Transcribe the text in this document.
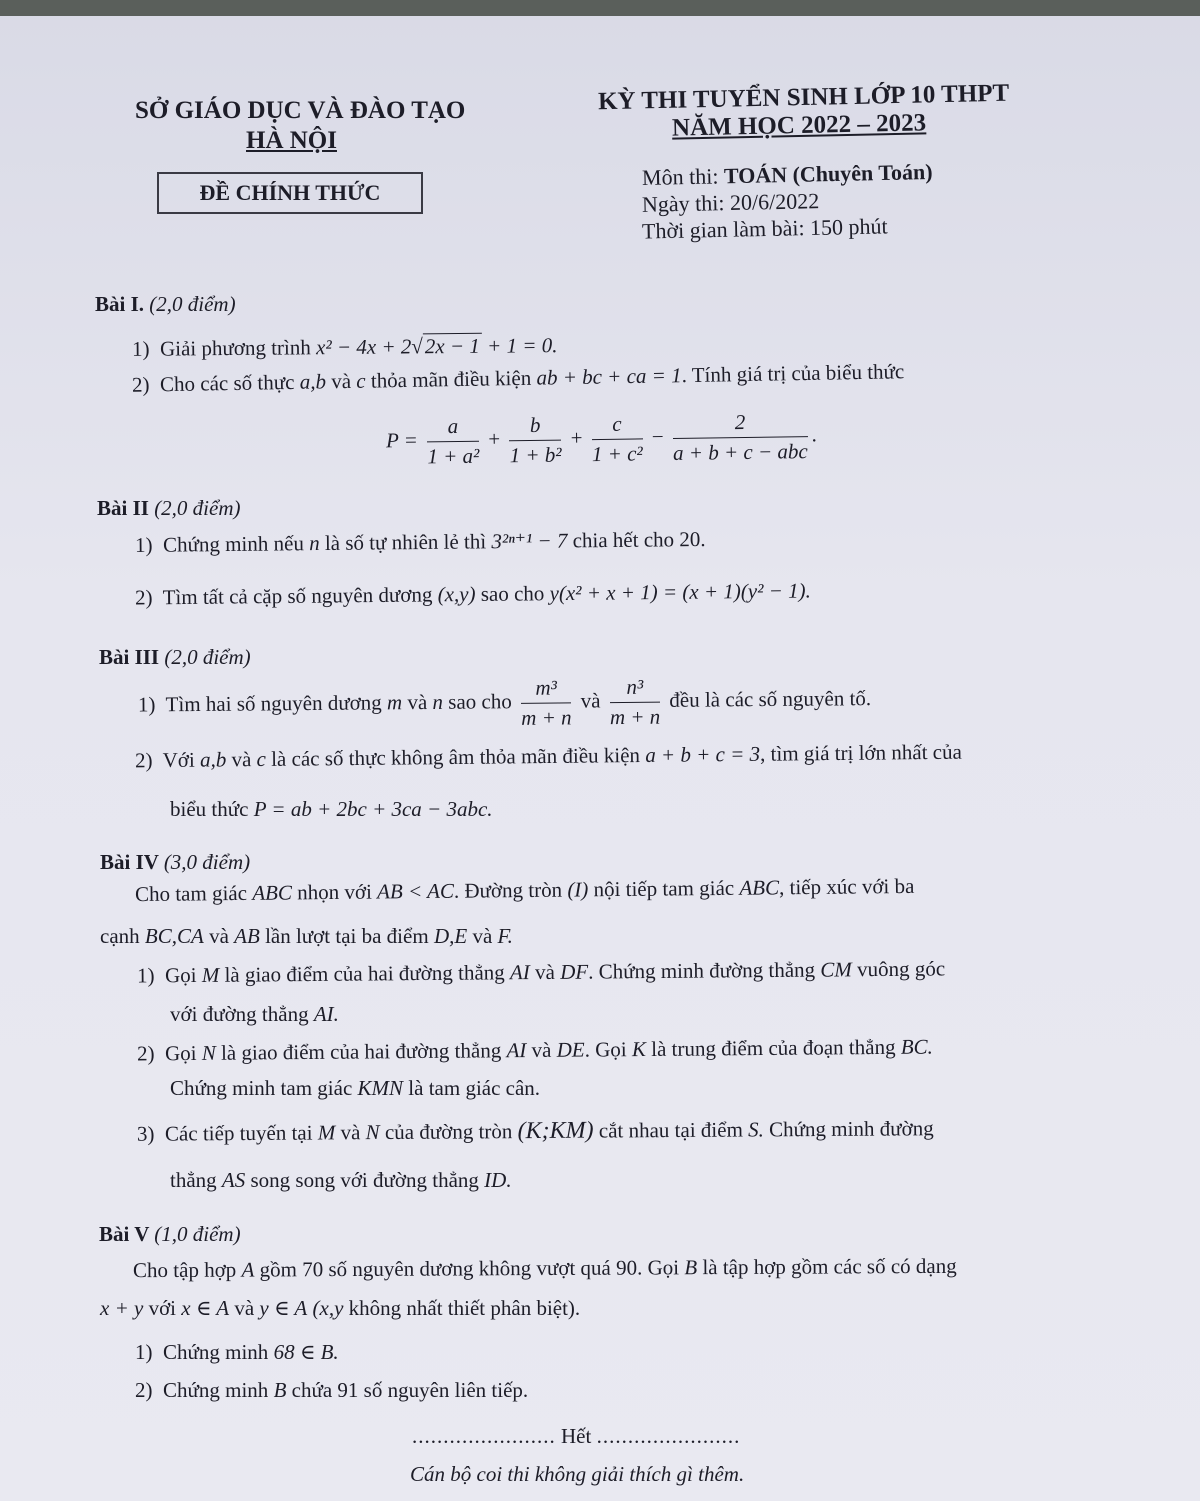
SỞ GIÁO DỤC VÀ ĐÀO TẠO
HÀ NỘI
ĐỀ CHÍNH THỨC
KỲ THI TUYỂN SINH LỚP 10 THPT
NĂM HỌC 2022 – 2023
Môn thi: TOÁN (Chuyên Toán)
Ngày thi: 20/6/2022
Thời gian làm bài: 150 phút
Bài I. (2,0 điểm)
1) Giải phương trình x² − 4x + 2√2x − 1 + 1 = 0.
2) Cho các số thực a,b và c thỏa mãn điều kiện ab + bc + ca = 1. Tính giá trị của biểu thức
$P = \frac{a}{\text{1 + a²}} + \frac{b}{\text{1 + b²}} + \frac{c}{\text{1 + c²}} - \frac{2}{\text{a + b + c − abc}}$ .
Bài II (2,0 điểm)
1) Chứng minh nếu n là số tự nhiên lẻ thì 3²ⁿ⁺¹ − 7 chia hết cho 20.
2) Tìm tất cả cặp số nguyên dương (x,y) sao cho y(x² + x + 1) = (x + 1)(y² − 1).
Bài III (2,0 điểm)
1) Tìm hai số nguyên dương m và n sao cho $\frac{\text{m³}}{m + n}$ và $\frac{\text{n³}}{m + n}$ đều là các số nguyên tố.
2) Với a,b và c là các số thực không âm thỏa mãn điều kiện a + b + c = 3, tìm giá trị lớn nhất của
biểu thức P = ab + 2bc + 3ca − 3abc.
Bài IV (3,0 điểm)
Cho tam giác ABC nhọn với AB < AC. Đường tròn (I) nội tiếp tam giác ABC, tiếp xúc với ba
cạnh BC,CA và AB lần lượt tại ba điểm D,E và F.
1) Gọi M là giao điểm của hai đường thẳng AI và DF. Chứng minh đường thẳng CM vuông góc
với đường thẳng AI.
2) Gọi N là giao điểm của hai đường thẳng AI và DE. Gọi K là trung điểm của đoạn thẳng BC.
Chứng minh tam giác KMN là tam giác cân.
3) Các tiếp tuyến tại M và N của đường tròn (K;KM) cắt nhau tại điểm S. Chứng minh đường
thẳng AS song song với đường thẳng ID.
Bài V (1,0 điểm)
Cho tập hợp A gồm 70 số nguyên dương không vượt quá 90. Gọi B là tập hợp gồm các số có dạng
x + y với x ∈ A và y ∈ A (x,y không nhất thiết phân biệt).
1) Chứng minh 68 ∈ B.
2) Chứng minh B chứa 91 số nguyên liên tiếp.
....................... Hết .......................
Cán bộ coi thi không giải thích gì thêm.
